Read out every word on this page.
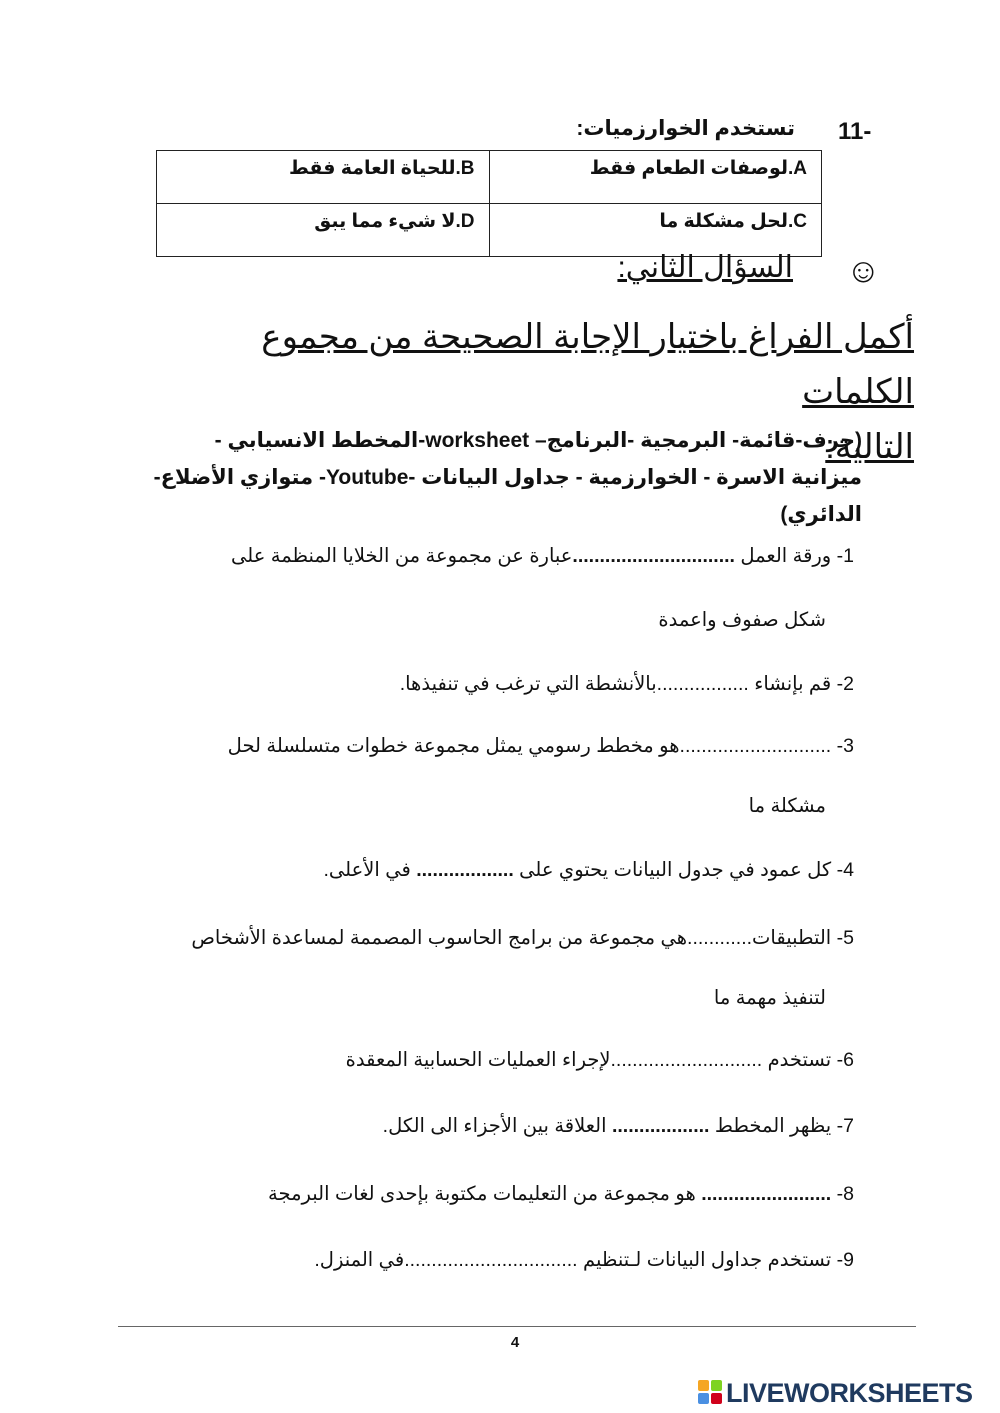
11-
تستخدم الخوارزميات:
B.للحياة العامة فقط	A.لوصفات الطعام فقط
D.لا شيء مما يبق	C.لحل مشكلة ما
☺
السؤال الثاني:
أكمل الفراغ باختيار الإجابة الصحيحة من مجموع الكلمات
التالية:
(حرف-قائمة- البرمجية -البرنامج– worksheet-المخطط الانسيابي -
ميزانية الاسرة - الخوارزمية - جداول البيانات -Youtube- متوازي الأضلاع-
الدائري)
1- ورقة العمل ..............................عبارة عن مجموعة من الخلايا المنظمة على
شكل صفوف واعمدة
2- قم بإنشاء .................بالأنشطة التي ترغب في تنفيذها.
3- ............................هو مخطط رسومي يمثل مجموعة خطوات متسلسلة لحل
مشكلة ما
4- كل عمود في جدول البيانات يحتوي على .................. في الأعلى.
5- التطبيقات............هي مجموعة من برامج الحاسوب المصممة لمساعدة الأشخاص
لتنفيذ مهمة ما
6- تستخدم ............................لإجراء العمليات الحسابية المعقدة
7- يظهر المخطط .................. العلاقة بين الأجزاء الى الكل.
8- ........................ هو مجموعة من التعليمات مكتوبة بإحدى لغات البرمجة
9- تستخدم جداول البيانات لـتنظيم ................................في المنزل.
4
LIVEWORKSHEETS
